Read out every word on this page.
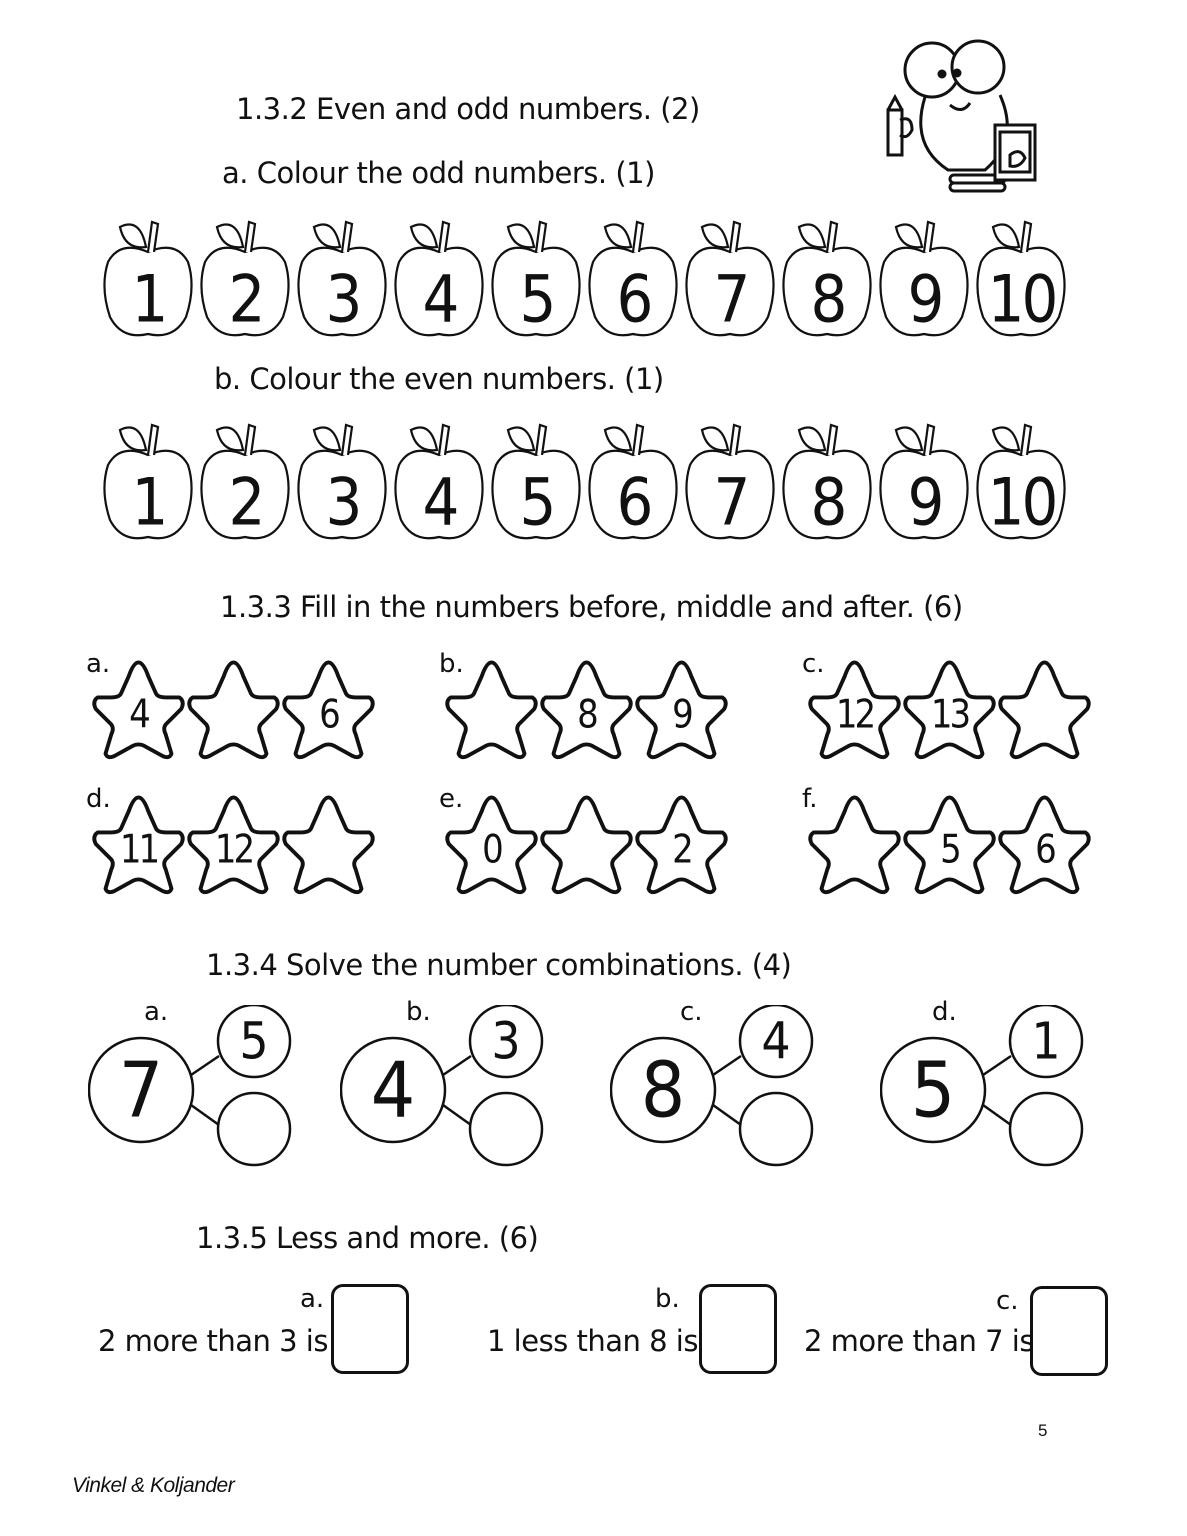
1.3.2 Even and odd numbers. (2)
a. Colour the odd numbers. (1)
1	2	3	4	5	6	7	8	9 10
b. Colour the even numbers. (1)
1	2	3	4	5	6	7	8	9 10
1.3.3 Fill in the numbers before, middle and after. (6)
a.
4	6
b.
8	9
c.
12	13
d.
11	12
e.
0	2
f.
5	6
1.3.4 Solve the number combinations. (4)
a.
7
5	b.
4
3	c.
8
4	d.
5
1
1.3.5 Less and more. (6)
a.
2 more than 3 is
b.
1 less than 8 is
c.
2 more than 7 is
5
Vinkel & Koljander
